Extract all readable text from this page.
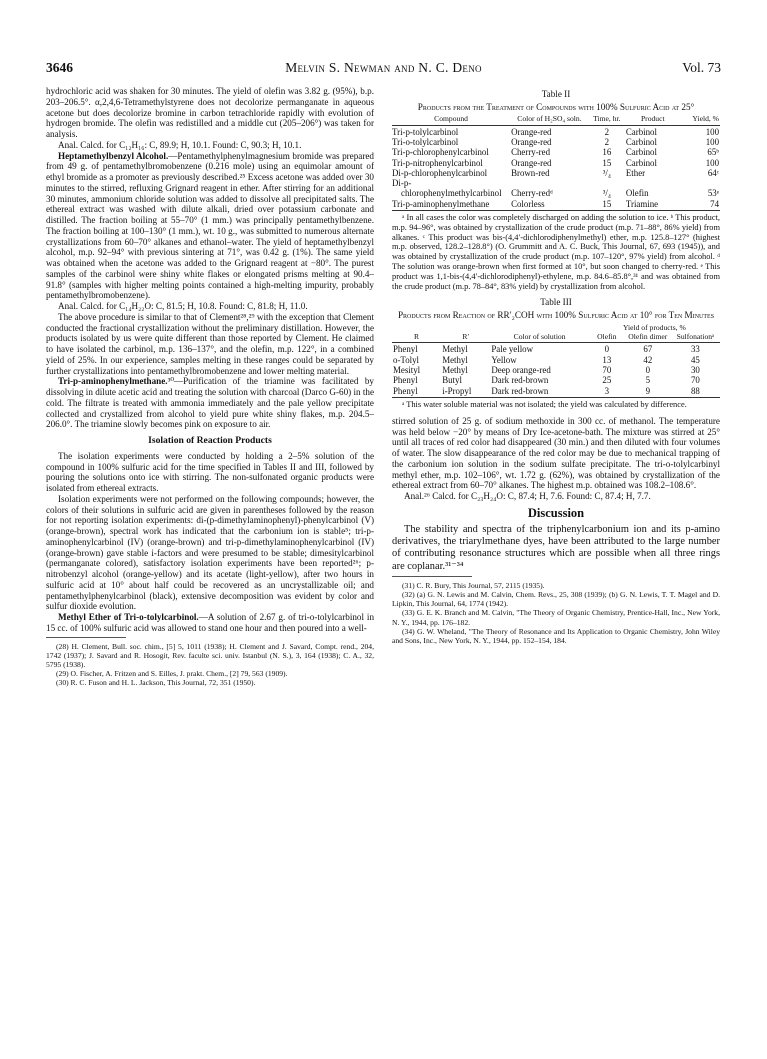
3646	Melvin S. Newman and N. C. Deno	Vol. 73

hydrochloric acid was shaken for 30 minutes. The yield of olefin was 3.82 g. (95%), b.p. 203–206.5°. α,2,4,6-Tetramethylstyrene does not decolorize permanganate in aqueous acetone but does decolorize bromine in carbon tetrachloride rapidly with evolution of hydrogen bromide. The olefin was redistilled and a middle cut (205–206°) was taken for analysis.

Anal. Calcd. for C₁₂H₁₆: C, 89.9; H, 10.1. Found: C, 90.3; H, 10.1.

Heptamethylbenzyl Alcohol.—Pentamethylphenylmagnesium bromide was prepared from 49 g. of pentamethylbromobenzene (0.216 mole) using an equimolar amount of ethyl bromide as a promoter as previously described.²⁵ Excess acetone was added over 30 minutes to the stirred, refluxing Grignard reagent in ether. After stirring for an additional 30 minutes, ammonium chloride solution was added to dissolve all precipitated salts. The ethereal extract was washed with dilute alkali, dried over potassium carbonate and distilled. The fraction boiling at 55–70° (1 mm.) was principally pentamethylbenzene. The fraction boiling at 100–130° (1 mm.), wt. 10 g., was submitted to numerous alternate crystallizations from 60–70° alkanes and ethanol–water. The yield of heptamethylbenzyl alcohol, m.p. 92–94° with previous sintering at 71°, was 0.42 g. (1%). The same yield was obtained when the acetone was added to the Grignard reagent at −80°. The purest samples of the carbinol were shiny white flakes or elongated prisms melting at 90.4–91.8° (samples with higher melting points contained a high-melting impurity, probably pentamethylbromobenzene).

Anal. Calcd. for C₁₄H₂₂O: C, 81.5; H, 10.8. Found: C, 81.8; H, 11.0.

The above procedure is similar to that of Clement²⁸,²⁹ with the exception that Clement conducted the fractional crystallization without the preliminary distillation. However, the products isolated by us were quite different than those reported by Clement. He claimed to have isolated the carbinol, m.p. 136–137°, and the olefin, m.p. 122°, in a combined yield of 25%. In our experience, samples melting in these ranges could be separated by further crystallizations into pentamethylbromobenzene and lower melting material.

Tri-p-aminophenylmethane.³⁰—Purification of the triamine was facilitated by dissolving in dilute acetic acid and treating the solution with charcoal (Darco G-60) in the cold. The filtrate is treated with ammonia immediately and the pale yellow precipitate collected and crystallized from alcohol to yield pure white shiny flakes, m.p. 204.5–206.0°. The triamine slowly becomes pink on exposure to air.

Isolation of Reaction Products

The isolation experiments were conducted by holding a 2–5% solution of the compound in 100% sulfuric acid for the time specified in Tables II and III, followed by pouring the solutions onto ice with stirring. The non-sulfonated organic products were isolated from ethereal extracts.

Isolation experiments were not performed on the following compounds; however, the colors of their solutions in sulfuric acid are given in parentheses followed by the reason for not reporting isolation experiments: di-(p-dimethylaminophenyl)-phenylcarbinol (V) (orange-brown), spectral work has indicated that the carbonium ion is stable⁵; tri-p-aminophenylcarbinol (IV) (orange-brown) and tri-p-dimethylaminophenylcarbinol (IV) (orange-brown) gave stable i-factors and were presumed to be stable; dimesitylcarbinol (permanganate colored), satisfactory isolation experiments have been reported²⁶; p-nitrobenzyl alcohol (orange-yellow) and its acetate (light-yellow), after two hours in sulfuric acid at 10° about half could be recovered as an uncrystallizable oil; and pentamethylphenylcarbinol (black), extensive decomposition was evident by color and sulfur dioxide evolution.

Methyl Ether of Tri-o-tolylcarbinol.—A solution of 2.67 g. of tri-o-tolylcarbinol in 15 cc. of 100% sulfuric acid was allowed to stand one hour and then poured into a well-

(28) H. Clement, Bull. soc. chim., [5] 5, 1011 (1938); H. Clement and J. Savard, Compt. rend., 204, 1742 (1937); J. Savard and R. Hosogit, Rev. faculte sci. univ. Istanbul (N. S.), 3, 164 (1938); C. A., 32, 5795 (1938).

(29) O. Fischer, A. Fritzen and S. Eilles, J. prakt. Chem., [2] 79, 563 (1909).

(30) R. C. Fuson and H. L. Jackson, This Journal, 72, 351 (1950).

Table II
Products from the Treatment of Compounds with 100% Sulfuric Acid at 25°
Compound	Color of H₂SO₄ soln.	Time, hr.	Product	Yield, %
Tri-p-tolylcarbinol	Orange-red	2	Carbinol	100
Tri-o-tolylcarbinol	Orange-red	2	Carbinol	100
Tri-p-chlorophenylcarbinol	Cherry-red	16	Carbinol	65ᵇ
Tri-p-nitrophenylcarbinol	Orange-red	15	Carbinol	100
Di-p-chlorophenylcarbinol	Brown-red	³/₄	Ether	64ᶜ
Di-p-chlorophenylmethylcarbinol	Cherry-redᵈ	³/₄	Olefin	53ᵉ
Tri-p-aminophenylmethane	Colorless	15	Triamine	74

ᵃ In all cases the color was completely discharged on adding the solution to ice. ᵇ This product, m.p. 94–96°, was obtained by crystallization of the crude product (m.p. 71–88°, 86% yield) from alkanes. ᶜ This product was bis-(4,4′-dichlorodiphenylmethyl) ether, m.p. 125.8–127° (highest m.p. observed, 128.2–128.8°) (O. Grummitt and A. C. Buck, This Journal, 67, 693 (1945)), and was obtained by crystallization of the crude product (m.p. 107–120°, 97% yield) from alcohol. ᵈ The solution was orange-brown when first formed at 10°, but soon changed to cherry-red. ᵉ This product was 1,1-bis-(4,4′-dichlorodiphenyl)-ethylene, m.p. 84.6–85.8°,³¹ and was obtained from the crude product (m.p. 78–84°, 83% yield) by crystallization from alcohol.

Table III
Products from Reaction of RR′₂COH with 100% Sulfuric Acid at 10° for Ten Minutes
			Yield of products, %		
R	R′	Color of solution	Olefin	Olefin dimer	Sulfonationᵃ
Phenyl	Methyl	Pale yellow	0	67	33
o-Tolyl	Methyl	Yellow	13	42	45
Mesityl	Methyl	Deep orange-red	70	0	30
Phenyl	Butyl	Dark red-brown	25	5	70
Phenyl	i-Propyl	Dark red-brown	3	9	88

ᵃ This water soluble material was not isolated; the yield was calculated by difference.

stirred solution of 25 g. of sodium methoxide in 300 cc. of methanol. The temperature was held below −20° by means of Dry Ice-acetone-bath. The mixture was stirred at 25° until all traces of red color had disappeared (30 min.) and then diluted with four volumes of water. The slow disappearance of the red color may be due to mechanical trapping of the carbonium ion solution in the sodium sulfate precipitate. The tri-o-tolylcarbinyl methyl ether, m.p. 102–106°, wt. 1.72 g. (62%), was obtained by crystallization of the ethereal extract from 60–70° alkanes. The highest m.p. obtained was 108.2–108.6°.

Anal.²⁶ Calcd. for C₂₃H₂₄O: C, 87.4; H, 7.6. Found: C, 87.4; H, 7.7.

Discussion

The stability and spectra of the triphenylcarbonium ion and its p-amino derivatives, the triarylmethane dyes, have been attributed to the large number of contributing resonance structures which are possible when all three rings are coplanar.³¹⁻³⁴

(31) C. R. Bury, This Journal, 57, 2115 (1935).

(32) (a) G. N. Lewis and M. Calvin, Chem. Revs., 25, 308 (1939); (b) G. N. Lewis, T. T. Magel and D. Lipkin, This Journal, 64, 1774 (1942).

(33) G. E. K. Branch and M. Calvin, "The Theory of Organic Chemistry, Prentice-Hall, Inc., New York, N. Y., 1944, pp. 176–182.

(34) G. W. Wheland, "The Theory of Resonance and Its Application to Organic Chemistry, John Wiley and Sons, Inc., New York, N. Y., 1944, pp. 152–154, 184.
